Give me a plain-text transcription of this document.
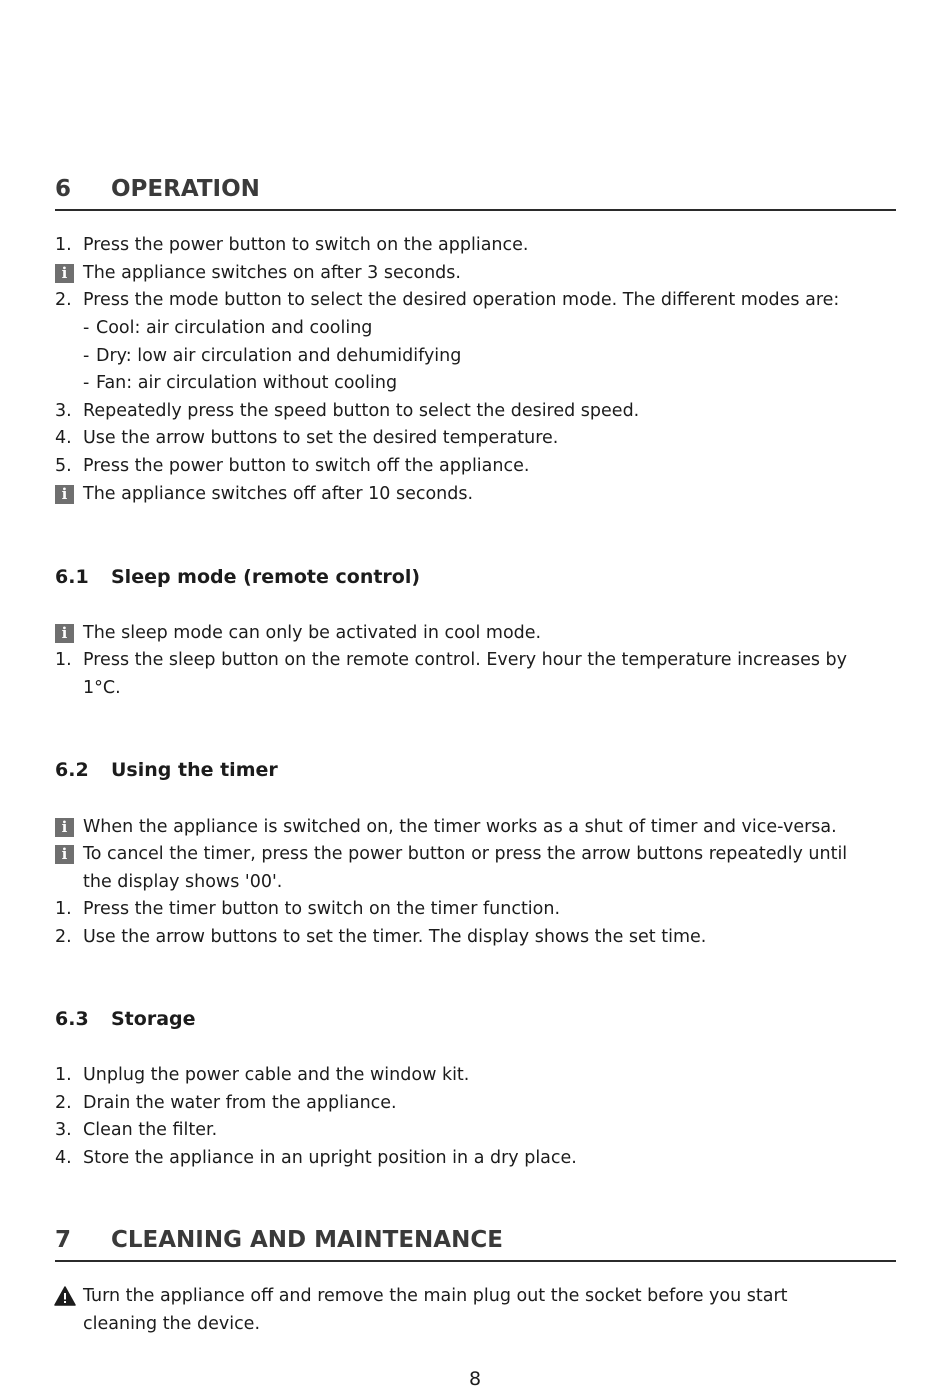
6 OPERATION
1. Press the power button to switch on the appliance.
i The appliance switches on after 3 seconds.
2. Press the mode button to select the desired operation mode. The different modes are:
- Cool: air circulation and cooling
- Dry: low air circulation and dehumidifying
- Fan: air circulation without cooling
3. Repeatedly press the speed button to select the desired speed.
4. Use the arrow buttons to set the desired temperature.
5. Press the power button to switch off the appliance.
i The appliance switches off after 10 seconds.
6.1 Sleep mode (remote control)
i The sleep mode can only be activated in cool mode.
1. Press the sleep button on the remote control. Every hour the temperature increases by
1°C.
6.2 Using the timer
i When the appliance is switched on, the timer works as a shut of timer and vice-versa.
i To cancel the timer, press the power button or press the arrow buttons repeatedly until
the display shows '00'.
1. Press the timer button to switch on the timer function.
2. Use the arrow buttons to set the timer. The display shows the set time.
6.3 Storage
1. Unplug the power cable and the window kit.
2. Drain the water from the appliance.
3. Clean the filter.
4. Store the appliance in an upright position in a dry place.
7 CLEANING AND MAINTENANCE
Turn the appliance off and remove the main plug out the socket before you start
cleaning the device.
8
